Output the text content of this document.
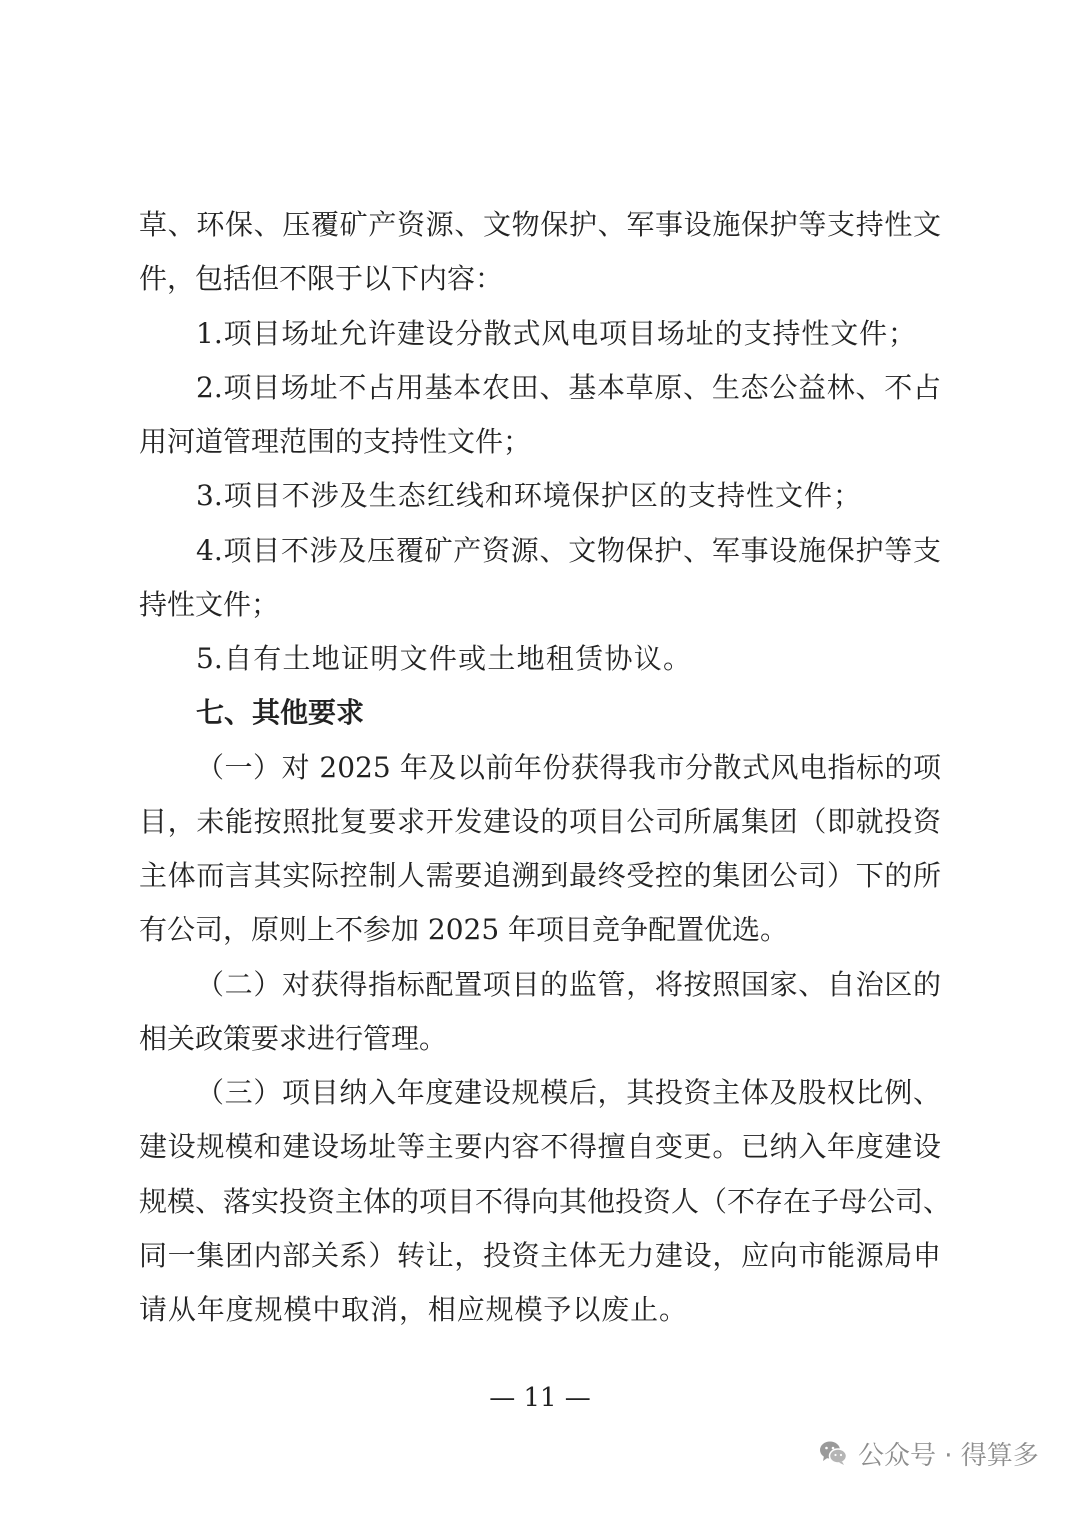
草、环保、压覆矿产资源、文物保护、军事设施保护等支持性文
件，包括但不限于以下内容：
1.项目场址允许建设分散式风电项目场址的支持性文件；
2.项目场址不占用基本农田、基本草原、生态公益林、不占
用河道管理范围的支持性文件；
3.项目不涉及生态红线和环境保护区的支持性文件；
4.项目不涉及压覆矿产资源、文物保护、军事设施保护等支
持性文件；
5.自有土地证明文件或土地租赁协议。
七、其他要求
（一）对 2025 年及以前年份获得我市分散式风电指标的项
目，未能按照批复要求开发建设的项目公司所属集团（即就投资
主体而言其实际控制人需要追溯到最终受控的集团公司）下的所
有公司，原则上不参加 2025 年项目竞争配置优选。
（二）对获得指标配置项目的监管，将按照国家、自治区的
相关政策要求进行管理。
（三）项目纳入年度建设规模后，其投资主体及股权比例、
建设规模和建设场址等主要内容不得擅自变更。已纳入年度建设
规模、落实投资主体的项目不得向其他投资人（不存在子母公司、
同一集团内部关系）转让，投资主体无力建设，应向市能源局申
请从年度规模中取消，相应规模予以废止。
— 11 —
公众号 · 得算多
